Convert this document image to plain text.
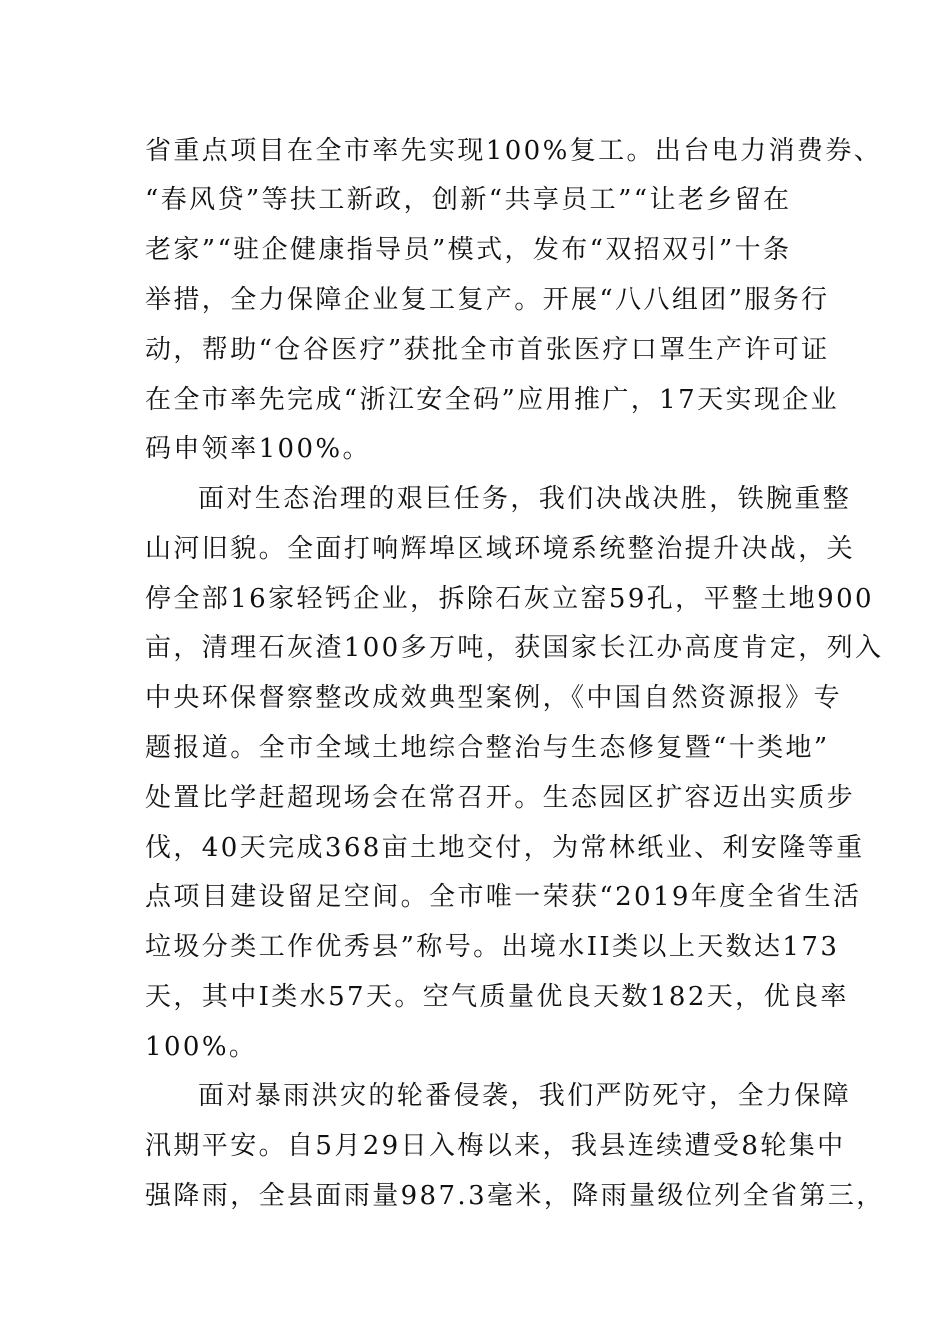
省重点项目在全市率先实现100%复工。出台电力消费券、
“春风贷”等扶工新政，创新“共享员工”“让老乡留在
老家”“驻企健康指导员”模式，发布“双招双引”十条
举措，全力保障企业复工复产。开展“八八组团”服务行
动，帮助“仓谷医疗”获批全市首张医疗口罩生产许可证
在全市率先完成“浙江安全码”应用推广，17天实现企业
码申领率100%。
面对生态治理的艰巨任务，我们决战决胜，铁腕重整
山河旧貌。全面打响辉埠区域环境系统整治提升决战，关
停全部16家轻钙企业，拆除石灰立窑59孔，平整土地900
亩，清理石灰渣100多万吨，获国家长江办高度肯定，列入
中央环保督察整改成效典型案例，《中国自然资源报》专
题报道。全市全域土地综合整治与生态修复暨“十类地”
处置比学赶超现场会在常召开。生态园区扩容迈出实质步
伐，40天完成368亩土地交付，为常林纸业、利安隆等重
点项目建设留足空间。全市唯一荣获“2019年度全省生活
垃圾分类工作优秀县”称号。出境水II类以上天数达173
天，其中I类水57天。空气质量优良天数182天，优良率
100%。
面对暴雨洪灾的轮番侵袭，我们严防死守，全力保障
汛期平安。自5月29日入梅以来，我县连续遭受8轮集中
强降雨，全县面雨量987.3毫米，降雨量级位列全省第三，
